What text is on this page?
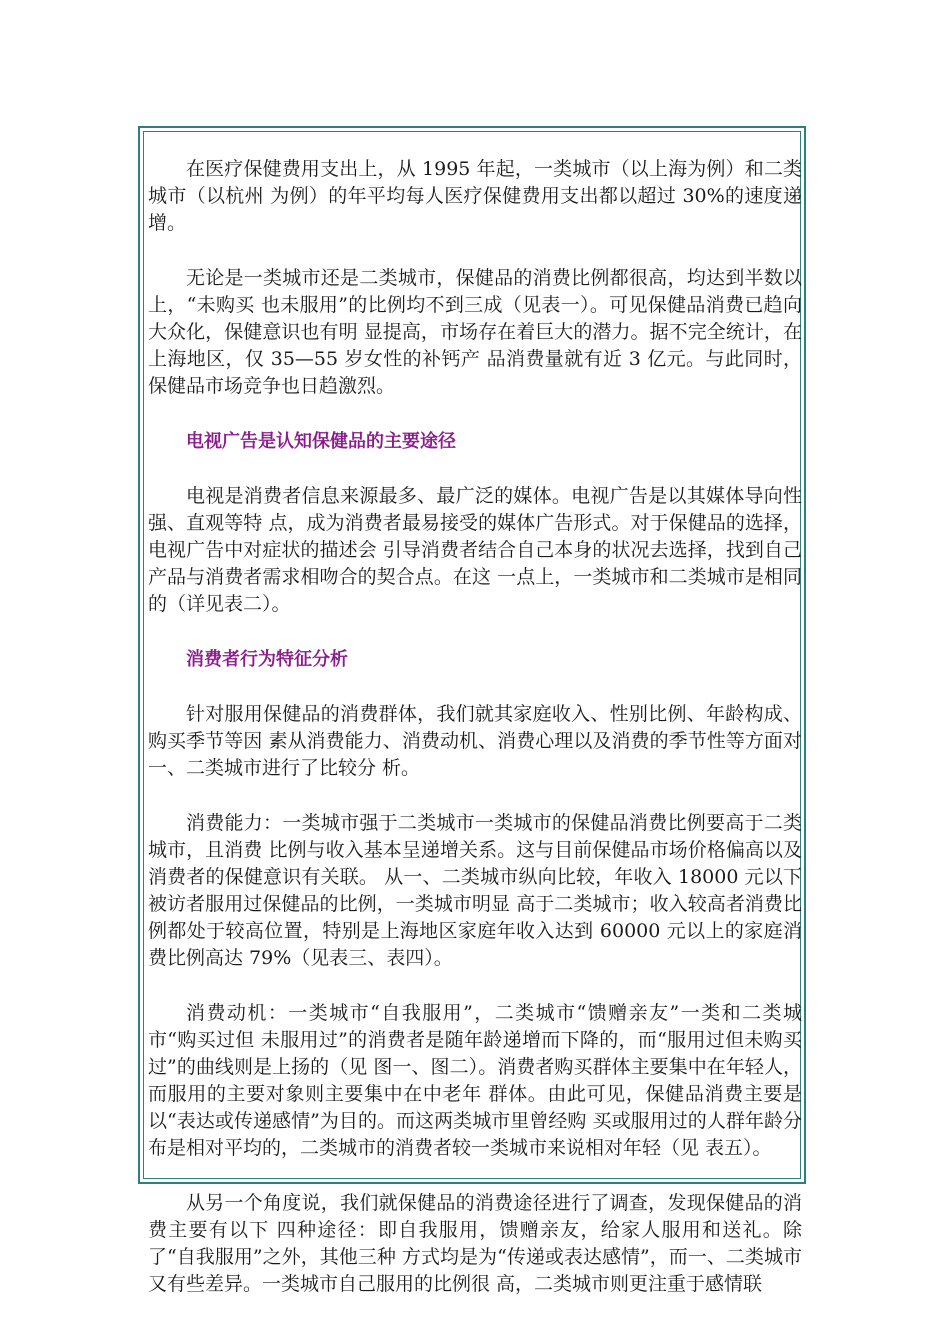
在医疗保健费用支出上，从 1995 年起，一类城市（以上海为例）和二类城市（以杭州 为例）的年平均每人医疗保健费用支出都以超过 30%的速度递增。

无论是一类城市还是二类城市，保健品的消费比例都很高，均达到半数以上，“未购买 也未服用”的比例均不到三成（见表一）。可见保健品消费已趋向大众化，保健意识也有明 显提高，市场存在着巨大的潜力。据不完全统计，在上海地区，仅 35—55 岁女性的补钙产 品消费量就有近 3 亿元。与此同时，保健品市场竞争也日趋激烈。

电视广告是认知保健品的主要途径

电视是消费者信息来源最多、最广泛的媒体。电视广告是以其媒体导向性强、直观等特 点，成为消费者最易接受的媒体广告形式。对于保健品的选择，电视广告中对症状的描述会 引导消费者结合自己本身的状况去选择，找到自己产品与消费者需求相吻合的契合点。在这 一点上，一类城市和二类城市是相同的（详见表二）。

消费者行为特征分析

针对服用保健品的消费群体，我们就其家庭收入、性别比例、年龄构成、购买季节等因 素从消费能力、消费动机、消费心理以及消费的季节性等方面对一、二类城市进行了比较分 析。

消费能力：一类城市强于二类城市一类城市的保健品消费比例要高于二类城市，且消费 比例与收入基本呈递增关系。这与目前保健品市场价格偏高以及消费者的保健意识有关联。 从一、二类城市纵向比较，年收入 18000 元以下被访者服用过保健品的比例，一类城市明显 高于二类城市；收入较高者消费比例都处于较高位置，特别是上海地区家庭年收入达到 60000 元以上的家庭消费比例高达 79%（见表三、表四）。

消费动机：一类城市“自我服用”，二类城市“馈赠亲友”一类和二类城市“购买过但 未服用过”的消费者是随年龄递增而下降的，而“服用过但未购买过”的曲线则是上扬的（见 图一、图二）。消费者购买群体主要集中在年轻人，而服用的主要对象则主要集中在中老年 群体。由此可见，保健品消费主要是以“表达或传递感情”为目的。而这两类城市里曾经购 买或服用过的人群年龄分布是相对平均的，二类城市的消费者较一类城市来说相对年轻（见 表五）。

从另一个角度说，我们就保健品的消费途径进行了调查，发现保健品的消费主要有以下 四种途径：即自我服用，馈赠亲友，给家人服用和送礼。除了“自我服用”之外，其他三种 方式均是为“传递或表达感情”，而一、二类城市又有些差异。一类城市自己服用的比例很 高，二类城市则更注重于感情联
